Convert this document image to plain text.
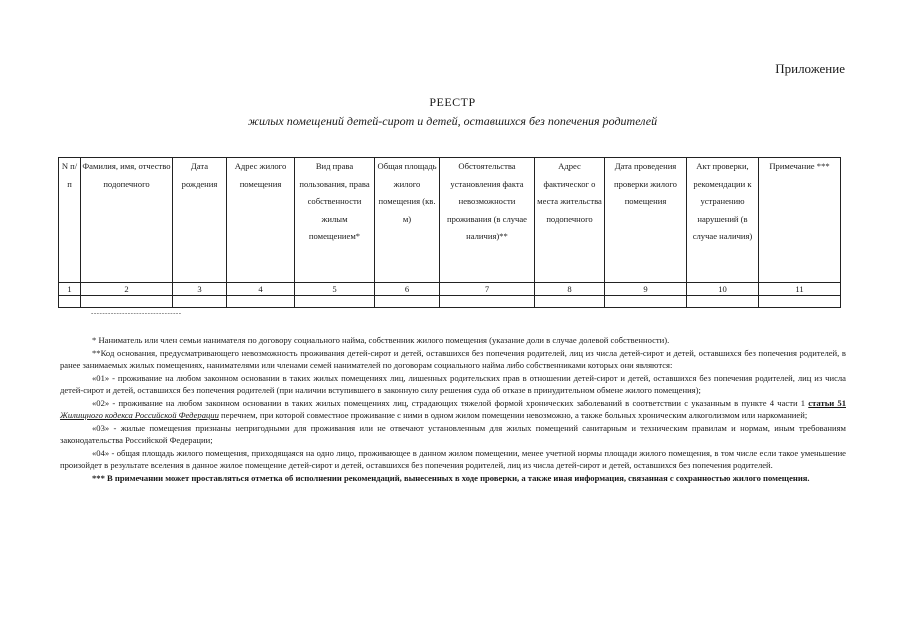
Приложение
РЕЕСТР
жилых помещений детей-сирот и детей, оставшихся без попечения родителей
N п/п	Фамилия, имя, отчество подопечного	Дата рождения	Адрес жилого помещения	Вид права пользования, права собственности жилым помещением*	Общая площадь жилого помещения (кв. м)	Обстоятельства установления факта невозможности проживания (в случае наличия)**	Адрес фактическог о места жительства подопечного	Дата проведения проверки жилого помещения	Акт проверки, рекомендации к устранению нарушений (в случае наличия)	Примечание ***
1	2	3	4	5	6	7	8	9	10	11

--------------------------------

* Наниматель или член семьи нанимателя по договору социального найма, собственник жилого помещения (указание доли в случае долевой собственности).

**Код основания, предусматривающего невозможность проживания детей-сирот и детей, оставшихся без попечения родителей, лиц из числа детей-сирот и детей, оставшихся без попечения родителей, в ранее занимаемых жилых помещениях, нанимателями или членами семей нанимателей по договорам социального найма либо собственниками которых они являются:

«01» - проживание на любом законном основании в таких жилых помещениях лиц, лишенных родительских прав в отношении детей-сирот и детей, оставшихся без попечения родителей, лиц из числа детей-сирот и детей, оставшихся без попечения родителей (при наличии вступившего в законную силу решения суда об отказе в принудительном обмене жилого помещения);

«02» - проживание на любом законном основании в таких жилых помещениях лиц, страдающих тяжелой формой хронических заболеваний в соответствии с указанным в пункте 4 части 1 статьи 51 Жилищного кодекса Российской Федерации перечнем, при которой совместное проживание с ними в одном жилом помещении невозможно, а также больных хроническим алкоголизмом или наркоманией;

«03» - жилые помещения признаны непригодными для проживания или не отвечают установленным для жилых помещений санитарным и техническим правилам и нормам, иным требованиям законодательства Российской Федерации;

«04» - общая площадь жилого помещения, приходящаяся на одно лицо, проживающее в данном жилом помещении, менее учетной нормы площади жилого помещения, в том числе если такое уменьшение произойдет в результате вселения в данное жилое помещение детей-сирот и детей, оставшихся без попечения родителей, лиц из числа детей-сирот и детей, оставшихся без попечения родителей.

*** В примечании может проставляться отметка об исполнении рекомендаций, вынесенных в ходе проверки, а также иная информация, связанная с сохранностью жилого помещения.
